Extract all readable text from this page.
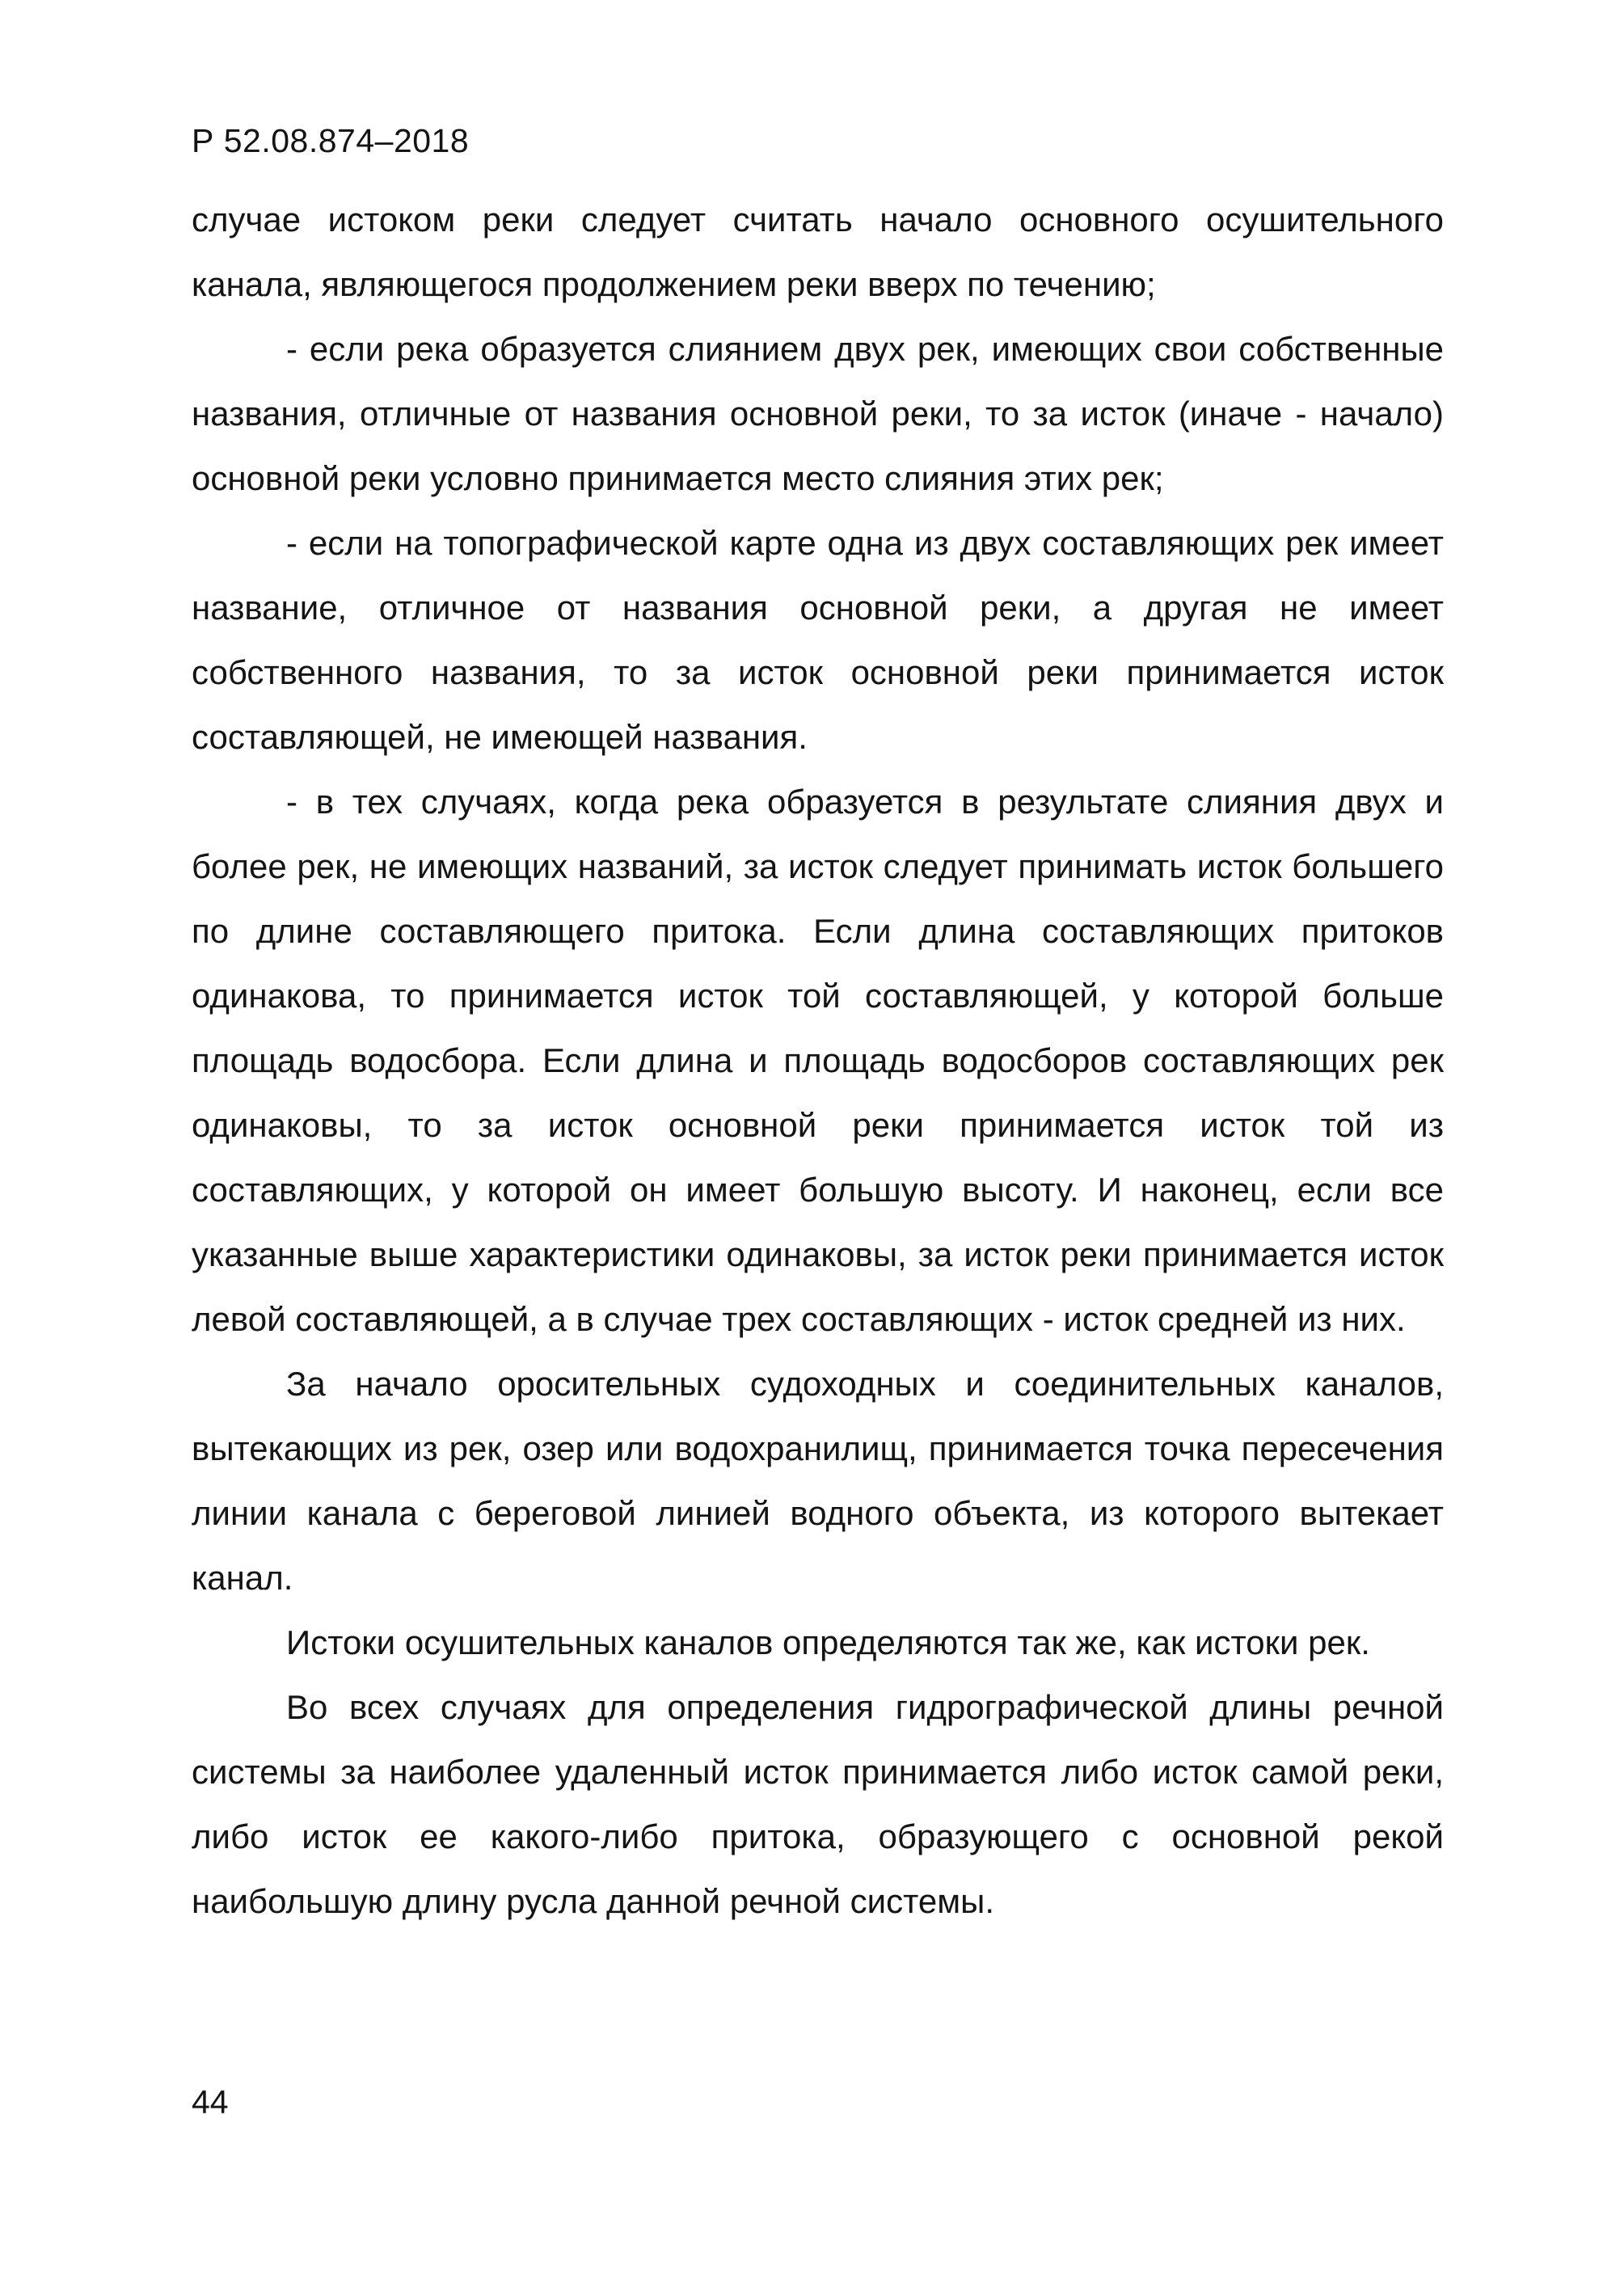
Р 52.08.874–2018

случае истоком реки следует считать начало основного осушительного канала, являющегося продолжением реки вверх по течению;

- если река образуется слиянием двух рек, имеющих свои собственные названия, отличные от названия основной реки, то за исток (иначе - начало) основной реки условно принимается место слияния этих рек;

- если на топографической карте одна из двух составляющих рек имеет название, отличное от названия основной реки, а другая не имеет собственного названия, то за исток основной реки принимается исток составляющей, не имеющей названия.

- в тех случаях, когда река образуется в результате слияния двух и более рек, не имеющих названий, за исток следует принимать исток большего по длине составляющего притока. Если длина составляющих притоков одинакова, то принимается исток той составляющей, у которой больше площадь водосбора. Если длина и площадь водосборов составляющих рек одинаковы, то за исток основной реки принимается исток той из составляющих, у которой он имеет большую высоту. И наконец, если все указанные выше характеристики одинаковы, за исток реки принимается исток левой составляющей, а в случае трех составляющих - исток средней из них.

За начало оросительных судоходных и соединительных каналов, вытекающих из рек, озер или водохранилищ, принимается точка пересечения линии канала с береговой линией водного объекта, из которого вытекает канал.

Истоки осушительных каналов определяются так же, как истоки рек.

Во всех случаях для определения гидрографической длины речной системы за наиболее удаленный исток принимается либо исток самой реки, либо исток ее какого-либо притока, образующего с основной рекой наибольшую длину русла данной речной системы.

44
